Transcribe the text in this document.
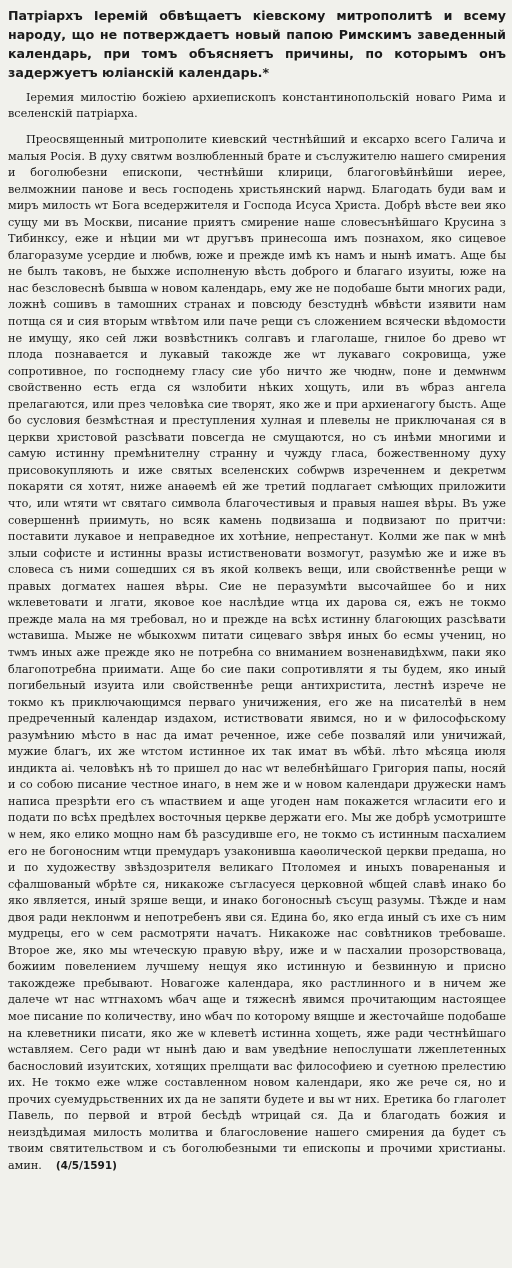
Патріархъ Іеремій обвѣщаетъ кіевскому митрополитѣ и всему народу, що не потверждаетъ новый папою Римскимъ заведенный календарь, при томъ объясняетъ причины, по которымъ онъ задержуетъ юліанскій календарь.*

Іеремия милостію божіею архиепископъ константинопольскій новаго Рима и вселенскій патріарха.

Преосвященный митрополите киевский честнѣйший и ексархо всего Галича и малыя Росія. В духу святѡм возлюбленный брате и съслужителю нашего смирения и боголюбезни епископи, честнѣйши клирици, благоговѣйнѣйши иерее, велможнии панове и весь господень христьянский нарѡд. Благодать буди вам и миръ милость ѡт Бога вседержителя и Господа Исуса Христа. Добрѣ вѣсте веи яко сущу ми въ Москви, писание приятъ смирение наше словесънѣйшаго Крусина з Тибинксу, еже и нѣции ми ѡт другъвъ принесоша имъ познахом, яко сицевое благоразуме усердие и любѡв, юже и прежде имѣ къ намъ и нынѣ иматъ. Аще бы не былъ таковъ, не быхже исполненую вѣсть доброго и благаго изуиты, юже на нас безсловеснѣ бывша ѡ новом календарь, ему же не подобаше быти многих ради, ложнѣ сошивъ в тамошних странах и повсюду безстуднѣ ѡбвѣсти изявити нам потща ся и сия вторым ѡтвѣтом или паче рещи съ сложением всячески вѣдомости не имущу, яко сей лжи возвѣстникъ солгавъ и глаголаше, гнилое бо древо ѡт плода познавается и лукавый такожде же ѡт лукаваго сокровища, уже сопротивное, по господнему гласу сие убо ничто же чюднѡ, поне и демѡнѡм свойственно есть егда ся ѡзлобити нѣких хощуть, или въ ѡбраз ангела прелагаются, или през человѣка сие творят, яко же и при архиенагогу бысть. Аще бо сусловия безмѣстная и преступления хулная и плевелы не приключаная ся в церкви христовой разсѣвати повсегда не смущаются, но съ инѣми многими и самую истинну премѣнителну странну и чужду гласа, божественному духу присовокупляють и иже святых вселенских собѡрѡв изреченнем и декретѡм покаряти ся хотят, ниже анаѳемѣ ей же третий подлагает смѣющих приложити что, или ѡтяти ѡт святаго символа благочестивыя и правыя нашея вѣры. Въ уже совершеннѣ приимуть, но всяк камень подвизаша и подвизают по притчи: поставити лукавое и неправедное их хотѣние, непрестанут. Колми же пак ѡ мнѣ злыи софисте и истинны вразы истиственовати возмогут, разумѣю же и иже въ словеса съ ними сошедших ся въ якой колвекъ вещи, или свойственнѣе рещи ѡ правых догматех нашея вѣры. Сие не перазумѣти высочайшее бо и них ѡклеветовати и лгати, яковое кое наслѣдие ѡтца их дарова ся, ежъ не токмо прежде мала на мя требовал, но и прежде на всѣх истинну благоющих разсѣвати ѡставиша. Мыже не ѡбыкохѡм питати сицеваго звѣря иных бо есмы учениц, но тѡмъ иных аже прежде яко не потребна со вниманием возненавидѣхѡм, паки яко благопотребна приимати. Аще бо сие паки сопротивляти я ты будем, яко иный погибельный изуита или свойственнѣе рещи антихристита, лестнѣ изрече не токмо къ приключающимся перваго уничижения, его же на писателѣй в нем предреченный календар издахом, истиствовати явимся, но и ѡ философьскому разумѣнию мѣсто в нас да имат реченное, иже себе позваляй или уничижай, мужие благъ, их же ѡтстом истинное их так имат въ ѡбѣй. лѣто мѣсяца июля индикта аi. человѣкъ нѣ то пришел до нас ѡт велебнѣйшаго Григория папы, носяй и со собою писание честное инаго, в нем же и ѡ новом календари дружески намъ написа презрѣти его съ ѡпаствием и аще угоден нам покажется ѡгласити его и подати по всѣх предѣлех восточныя церкве держати его. Мы же добрѣ усмотриште ѡ нем, яко елико мощно нам бѣ разсудивше его, не токмо съ истинным пасхалием его не богоносним ѡтци премударъ узаконивша каѳолической церкви предаша, но и по художеству звѣздозрителя великаго Птоломея и иныхъ поваренаныя и сфалшованый ѡбрѣте ся, никакоже съгласуеся церковной ѡбщей славѣ инако бо яко является, иный зряше вещи, и инако богоносныѣ съсущ разумы. Тѣжде и нам двоя ради неклонѡм и непотребенъ яви ся. Едина бо, яко егда иный съ ихе съ ним мудрецы, его ѡ сем расмотряти начатъ. Никакоже нас совѣтников требоваше. Второе же, яко мы ѡтеческую правую вѣру, иже и ѡ пасхалии прозорствоваца, божиим повелением лучшему нещуя яко истинную и безвинную и присно такождеже пребывают. Новагоже календара, яко растлинного и в ничем же далече ѡт нас ѡтгнахомъ ѡбач аще и тяжеснѣ явимся прочитающим настоящее мое писание по количеству, ино ѡбач по которому вящше и жесточайше подобаше на клеветники писати, яко же ѡ клеветѣ истинна хощеть, яже ради честнѣйшаго ѡставляем. Сего ради ѡт нынѣ даю и вам уведѣние непослушати лжеплетенных баснословий изуитских, хотящих прелщати вас философиею и суетною прелестию их. Не токмо еже ѡлже составленном новом календари, яко же рече ся, но и прочих суемудрьственних их да не запяти будете и вы ѡт них. Еретика бо глаголет Павель, по первой и втрой бесѣдѣ ѡтрицай ся. Да и благодать божия и неиздѣдимая милость молитва и благословение нашего смирения да будет съ твоим святительством и съ боголюбезными ти епископы и прочими христианы. амин. (4/5/1591)
